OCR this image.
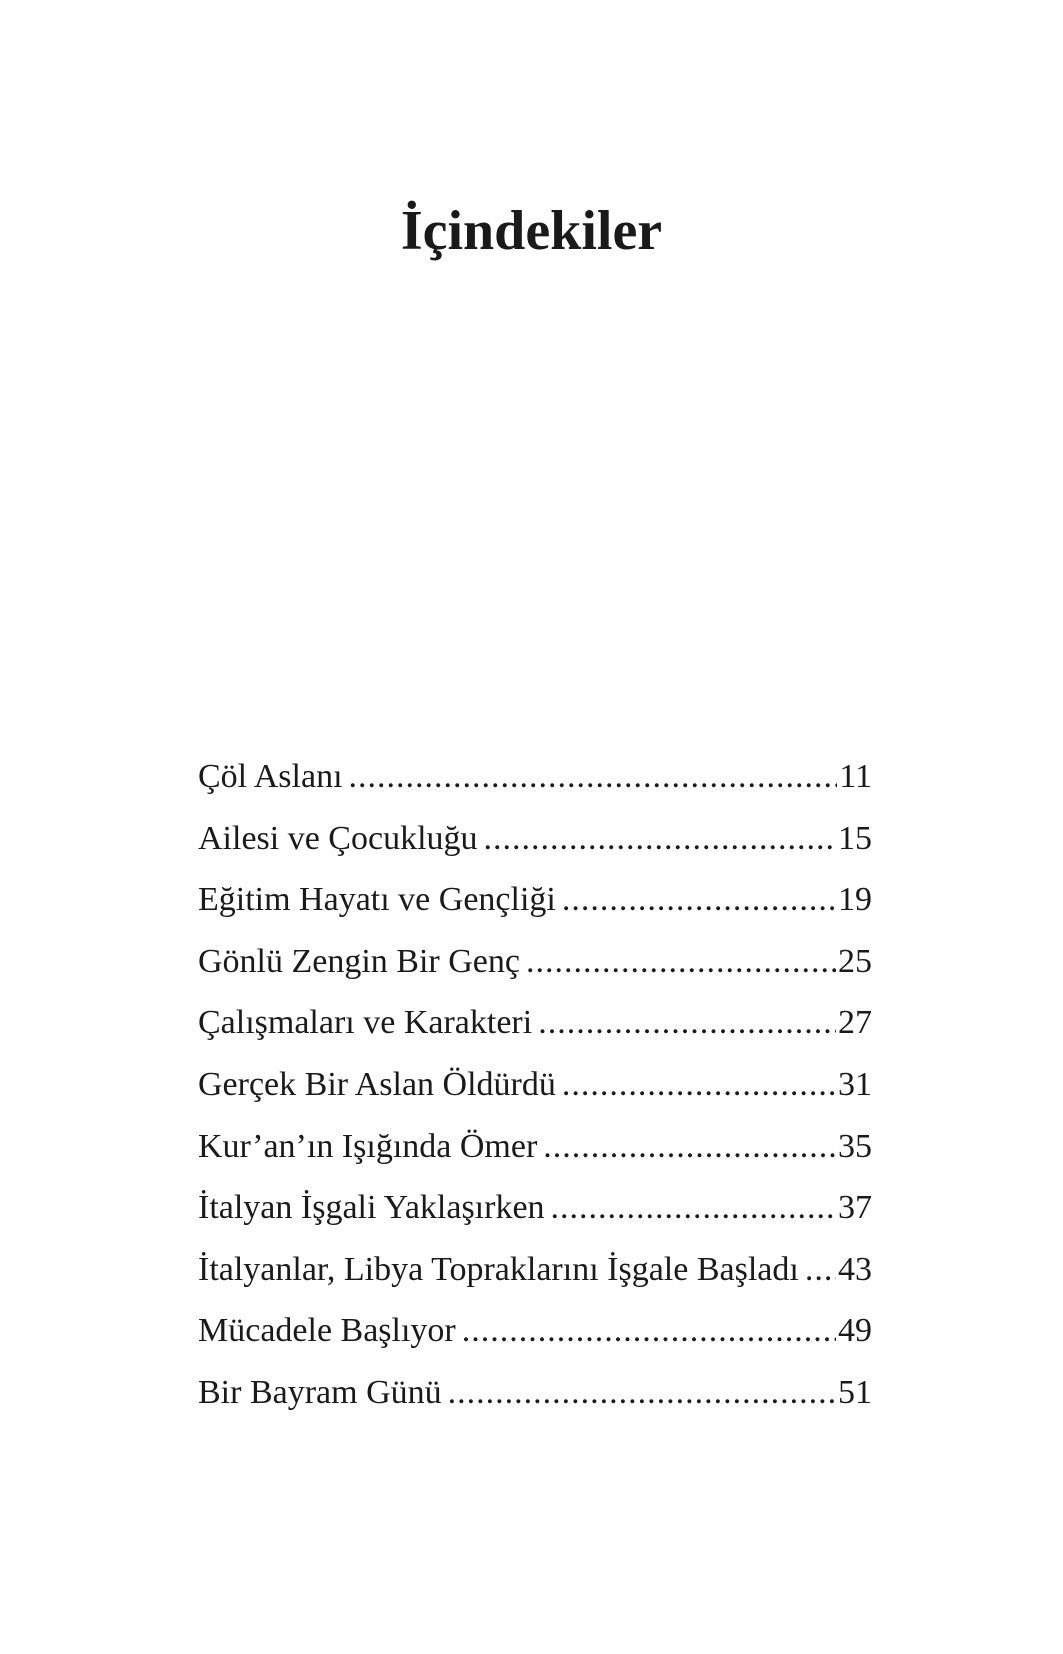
İçindekiler
Çöl Aslanı .....	11
Ailesi ve Çocukluğu .....	15
Eğitim Hayatı ve Gençliği .....	19
Gönlü Zengin Bir Genç .....	25
Çalışmaları ve Karakteri .....	27
Gerçek Bir Aslan Öldürdü .....	31
Kur’an’ın Işığında Ömer .....	35
İtalyan İşgali Yaklaşırken .....	37
İtalyanlar, Libya Topraklarını İşgale Başladı ..... 43
Mücadele Başlıyor .....	49
Bir Bayram Günü .....	51
